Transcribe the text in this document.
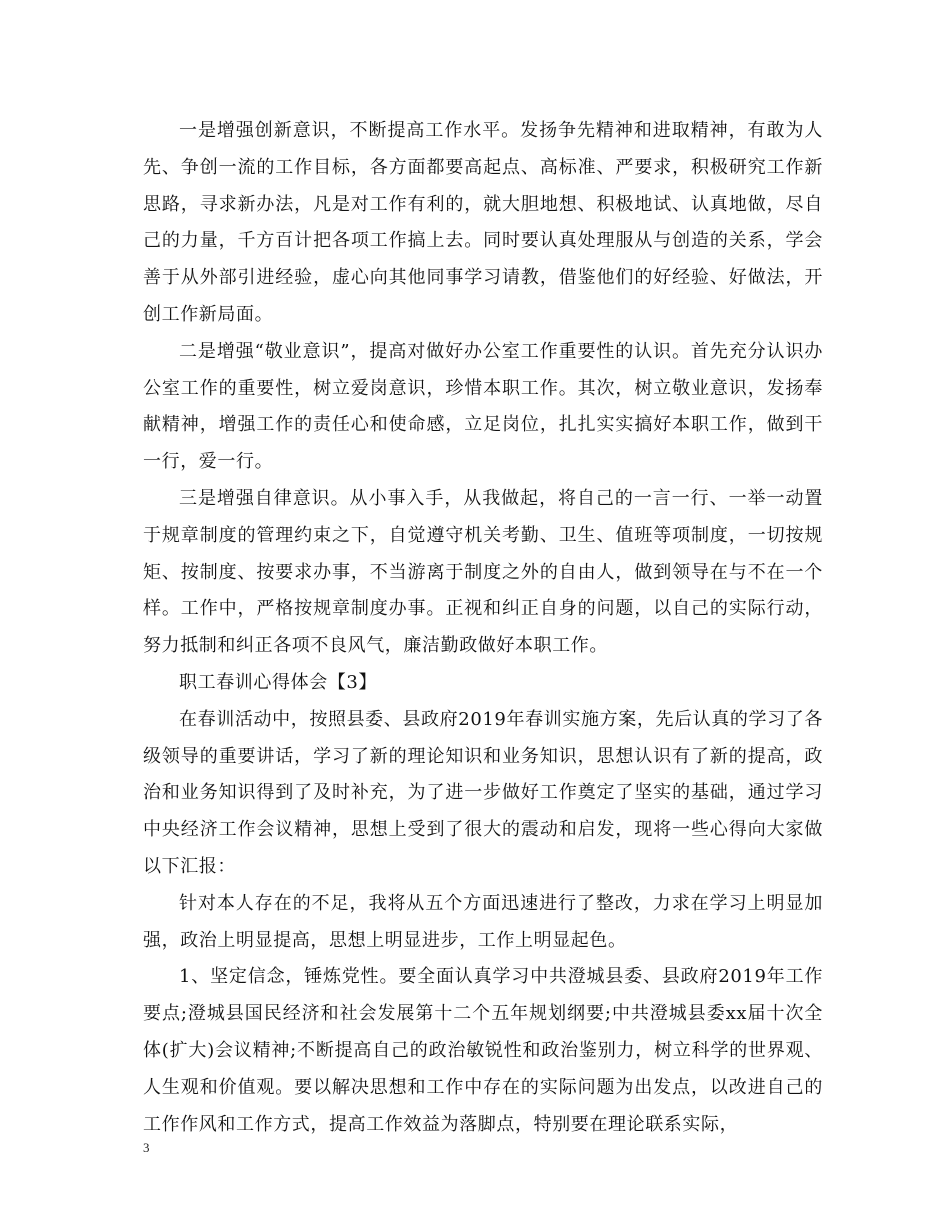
一是增强创新意识，不断提高工作水平。发扬争先精神和进取精神，有敢为人先、争创一流的工作目标，各方面都要高起点、高标准、严要求，积极研究工作新思路，寻求新办法，凡是对工作有利的，就大胆地想、积极地试、认真地做，尽自己的力量，千方百计把各项工作搞上去。同时要认真处理服从与创造的关系，学会善于从外部引进经验，虚心向其他同事学习请教，借鉴他们的好经验、好做法，开创工作新局面。

二是增强“敬业意识”，提高对做好办公室工作重要性的认识。首先充分认识办公室工作的重要性，树立爱岗意识，珍惜本职工作。其次，树立敬业意识，发扬奉献精神，增强工作的责任心和使命感，立足岗位，扎扎实实搞好本职工作，做到干一行，爱一行。

三是增强自律意识。从小事入手，从我做起，将自己的一言一行、一举一动置于规章制度的管理约束之下，自觉遵守机关考勤、卫生、值班等项制度，一切按规矩、按制度、按要求办事，不当游离于制度之外的自由人，做到领导在与不在一个样。工作中，严格按规章制度办事。正视和纠正自身的问题，以自己的实际行动，努力抵制和纠正各项不良风气，廉洁勤政做好本职工作。

职工春训心得体会【3】

在春训活动中，按照县委、县政府2019年春训实施方案，先后认真的学习了各级领导的重要讲话，学习了新的理论知识和业务知识，思想认识有了新的提高，政治和业务知识得到了及时补充，为了进一步做好工作奠定了坚实的基础，通过学习中央经济工作会议精神，思想上受到了很大的震动和启发，现将一些心得向大家做以下汇报：

针对本人存在的不足，我将从五个方面迅速进行了整改，力求在学习上明显加强，政治上明显提高，思想上明显进步，工作上明显起色。

1、坚定信念，锤炼党性。要全面认真学习中共澄城县委、县政府2019年工作要点;澄城县国民经济和社会发展第十二个五年规划纲要;中共澄城县委xx届十次全体(扩大)会议精神;不断提高自己的政治敏锐性和政治鉴别力，树立科学的世界观、人生观和价值观。要以解决思想和工作中存在的实际问题为出发点，以改进自己的工作作风和工作方式，提高工作效益为落脚点，特别要在理论联系实际，

3
